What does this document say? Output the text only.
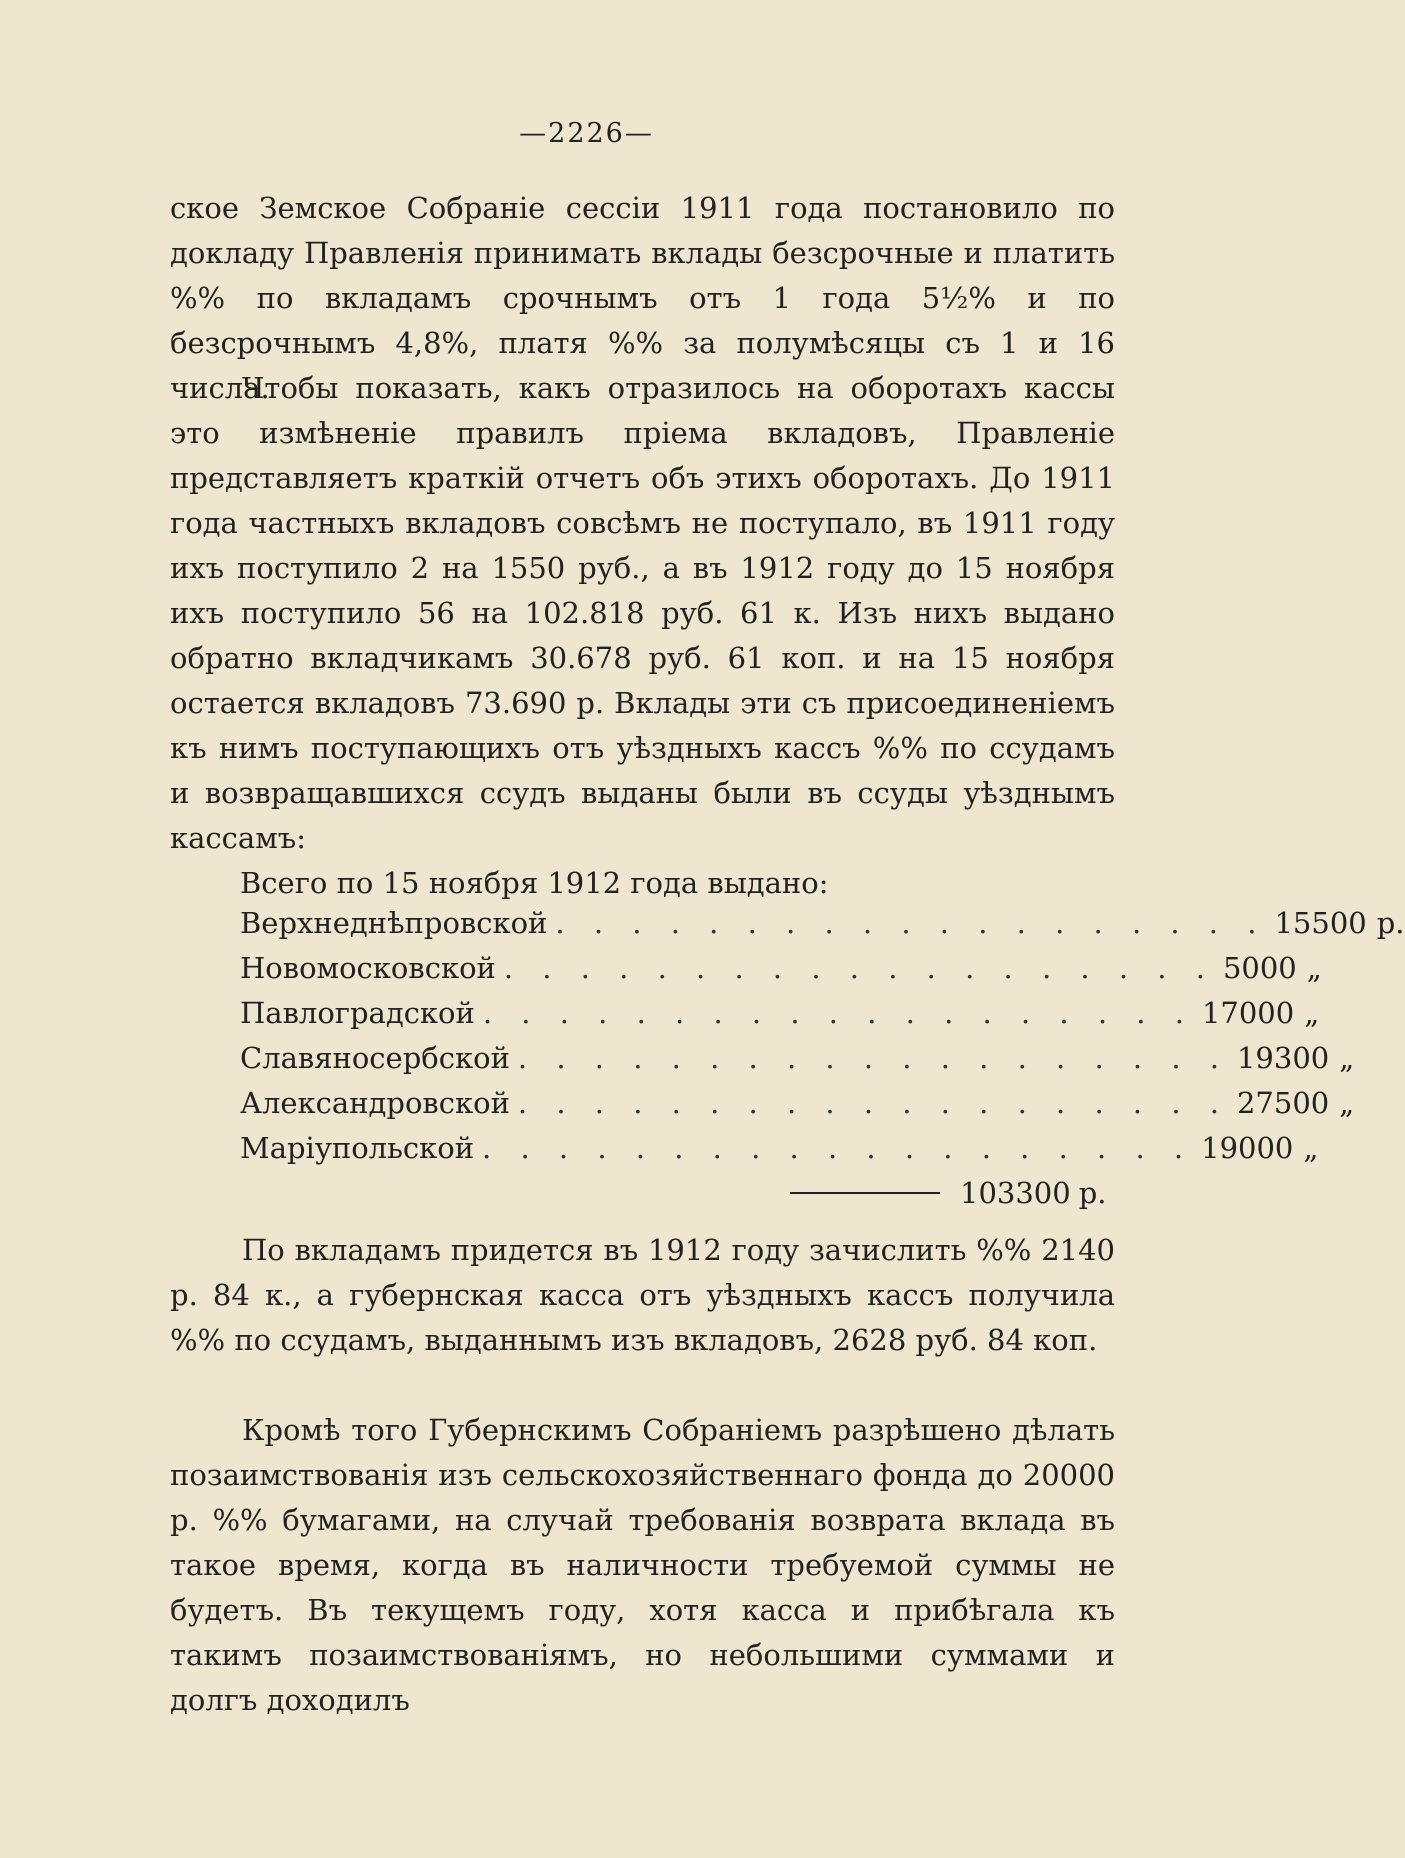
—2226—
ское Земское Собраніе сессіи 1911 года постановило по докладу Правленія принимать вклады безсрочные и платить %% по вкладамъ срочнымъ отъ 1 года 5½% и по безсрочнымъ 4,8%, платя %% за полумѣсяцы съ 1 и 16 числа.
Чтобы показать, какъ отразилось на оборотахъ кассы это измѣненіе правилъ пріема вкладовъ, Правленіе представляетъ краткій отчетъ объ этихъ оборотахъ. До 1911 года частныхъ вкладовъ совсѣмъ не поступало, въ 1911 году ихъ поступило 2 на 1550 руб., а въ 1912 году до 15 ноября ихъ поступило 56 на 102.818 руб. 61 к. Изъ нихъ выдано обратно вкладчикамъ 30.678 руб. 61 коп. и на 15 ноября остается вкладовъ 73.690 р. Вклады эти съ присоединеніемъ къ нимъ поступающихъ отъ уѣздныхъ кассъ %% по ссудамъ и возвращавшихся ссудъ выданы были въ ссуды уѣзднымъ кассамъ:
Всего по 15 ноября 1912 года выдано:
Верхнеднѣпровской . . . . . . . . . . . . . . . . . . . 15500 р.
Новомосковской . . . . . . . . . . . . . . . . . . . 5000 „
Павлоградской . . . . . . . . . . . . . . . . . . . 17000 „
Славяносербской . . . . . . . . . . . . . . . . . . . 19300 „
Александровской . . . . . . . . . . . . . . . . . . . 27500 „
Маріупольской . . . . . . . . . . . . . . . . . . . 19000 „
103300 р.
По вкладамъ придется въ 1912 году зачислить %% 2140 р. 84 к., а губернская касса отъ уѣздныхъ кассъ получила %% по ссудамъ, выданнымъ изъ вкладовъ, 2628 руб. 84 коп.
Кромѣ того Губернскимъ Собраніемъ разрѣшено дѣлать позаимствованія изъ сельскохозяйственнаго фонда до 20000 р. %% бумагами, на случай требованія возврата вклада въ такое время, когда въ наличности требуемой суммы не будетъ. Въ текущемъ году, хотя касса и прибѣгала къ такимъ позаимствованіямъ, но небольшими суммами и долгъ доходилъ
